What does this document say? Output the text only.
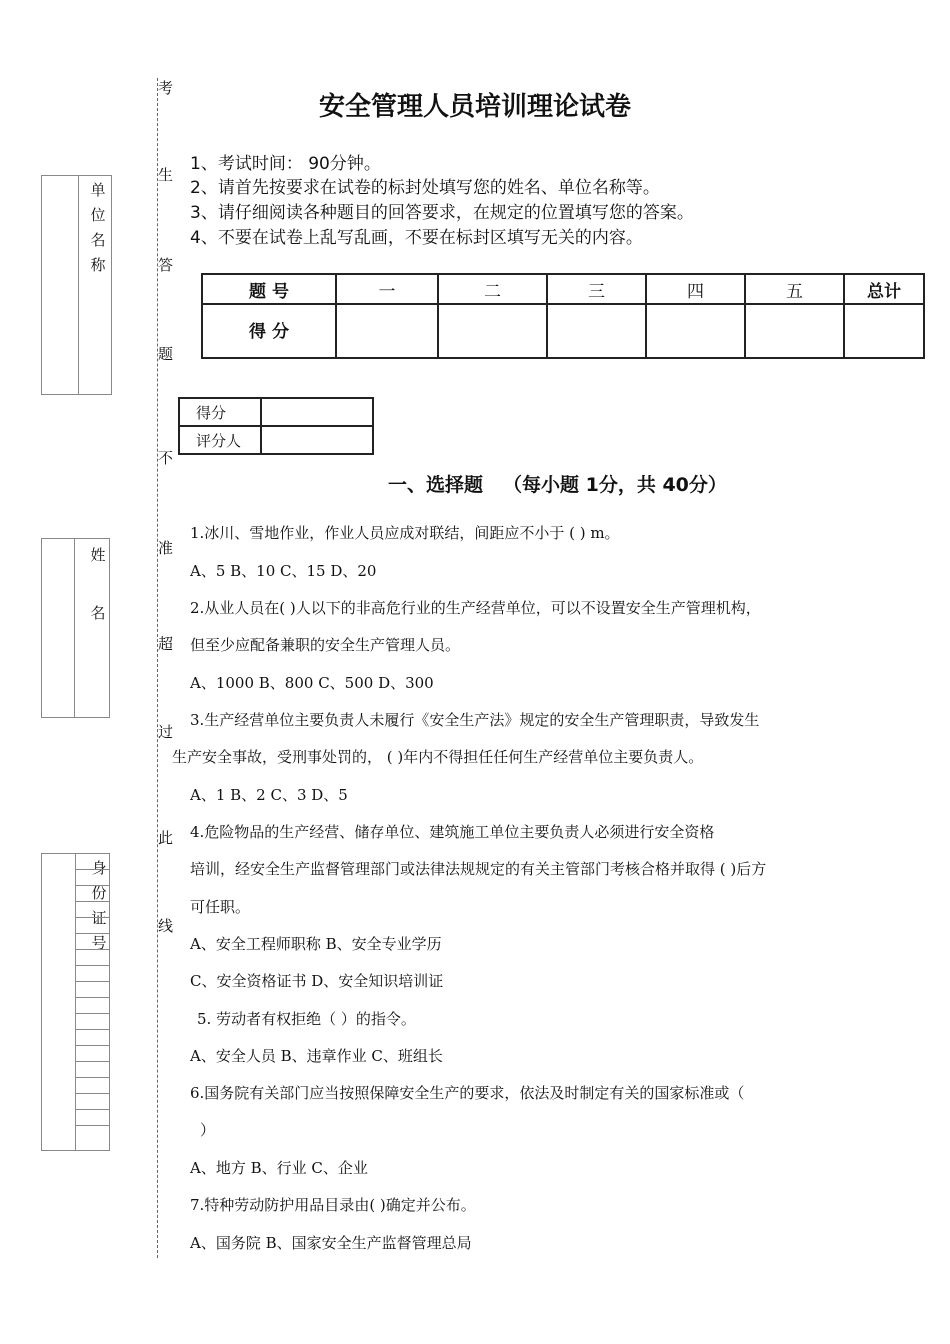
单
位
名
称
姓

名
身
份
证
号
考
生
答
题
不
准
超
过
此
线
安全管理人员培训理论试卷
1、考试时间： 90分钟。
2、请首先按要求在试卷的标封处填写您的姓名、单位名称等。
3、请仔细阅读各种题目的回答要求，在规定的位置填写您的答案。
4、不要在试卷上乱写乱画，不要在标封区填写无关的内容。
题 号	一	二	三	四	五	总计
得 分						
得分	
评分人	
一、选择题 （每小题 1分，共 40分）
1.冰川、雪地作业，作业人员应成对联结，间距应不小于 ( ) m。
A、5 B、10 C、15 D、20
2.从业人员在( )人以下的非高危行业的生产经营单位，可以不设置安全生产管理机构，
但至少应配备兼职的安全生产管理人员。
A、1000 B、800 C、500 D、300
3.生产经营单位主要负责人未履行《安全生产法》规定的安全生产管理职责，导致发生
生产安全事故，受刑事处罚的， ( )年内不得担任任何生产经营单位主要负责人。
A、1 B、2 C、3 D、5
4.危险物品的生产经营、储存单位、建筑施工单位主要负责人必须进行安全资格
培训，经安全生产监督管理部门或法律法规规定的有关主管部门考核合格并取得 ( )后方
可任职。
A、安全工程师职称 B、安全专业学历
C、安全资格证书 D、安全知识培训证
5. 劳动者有权拒绝（ ）的指令。
A、安全人员 B、违章作业 C、班组长
6.国务院有关部门应当按照保障安全生产的要求，依法及时制定有关的国家标准或（
）
A、地方 B、行业 C、企业
7.特种劳动防护用品目录由( )确定并公布。
A、国务院 B、国家安全生产监督管理总局
